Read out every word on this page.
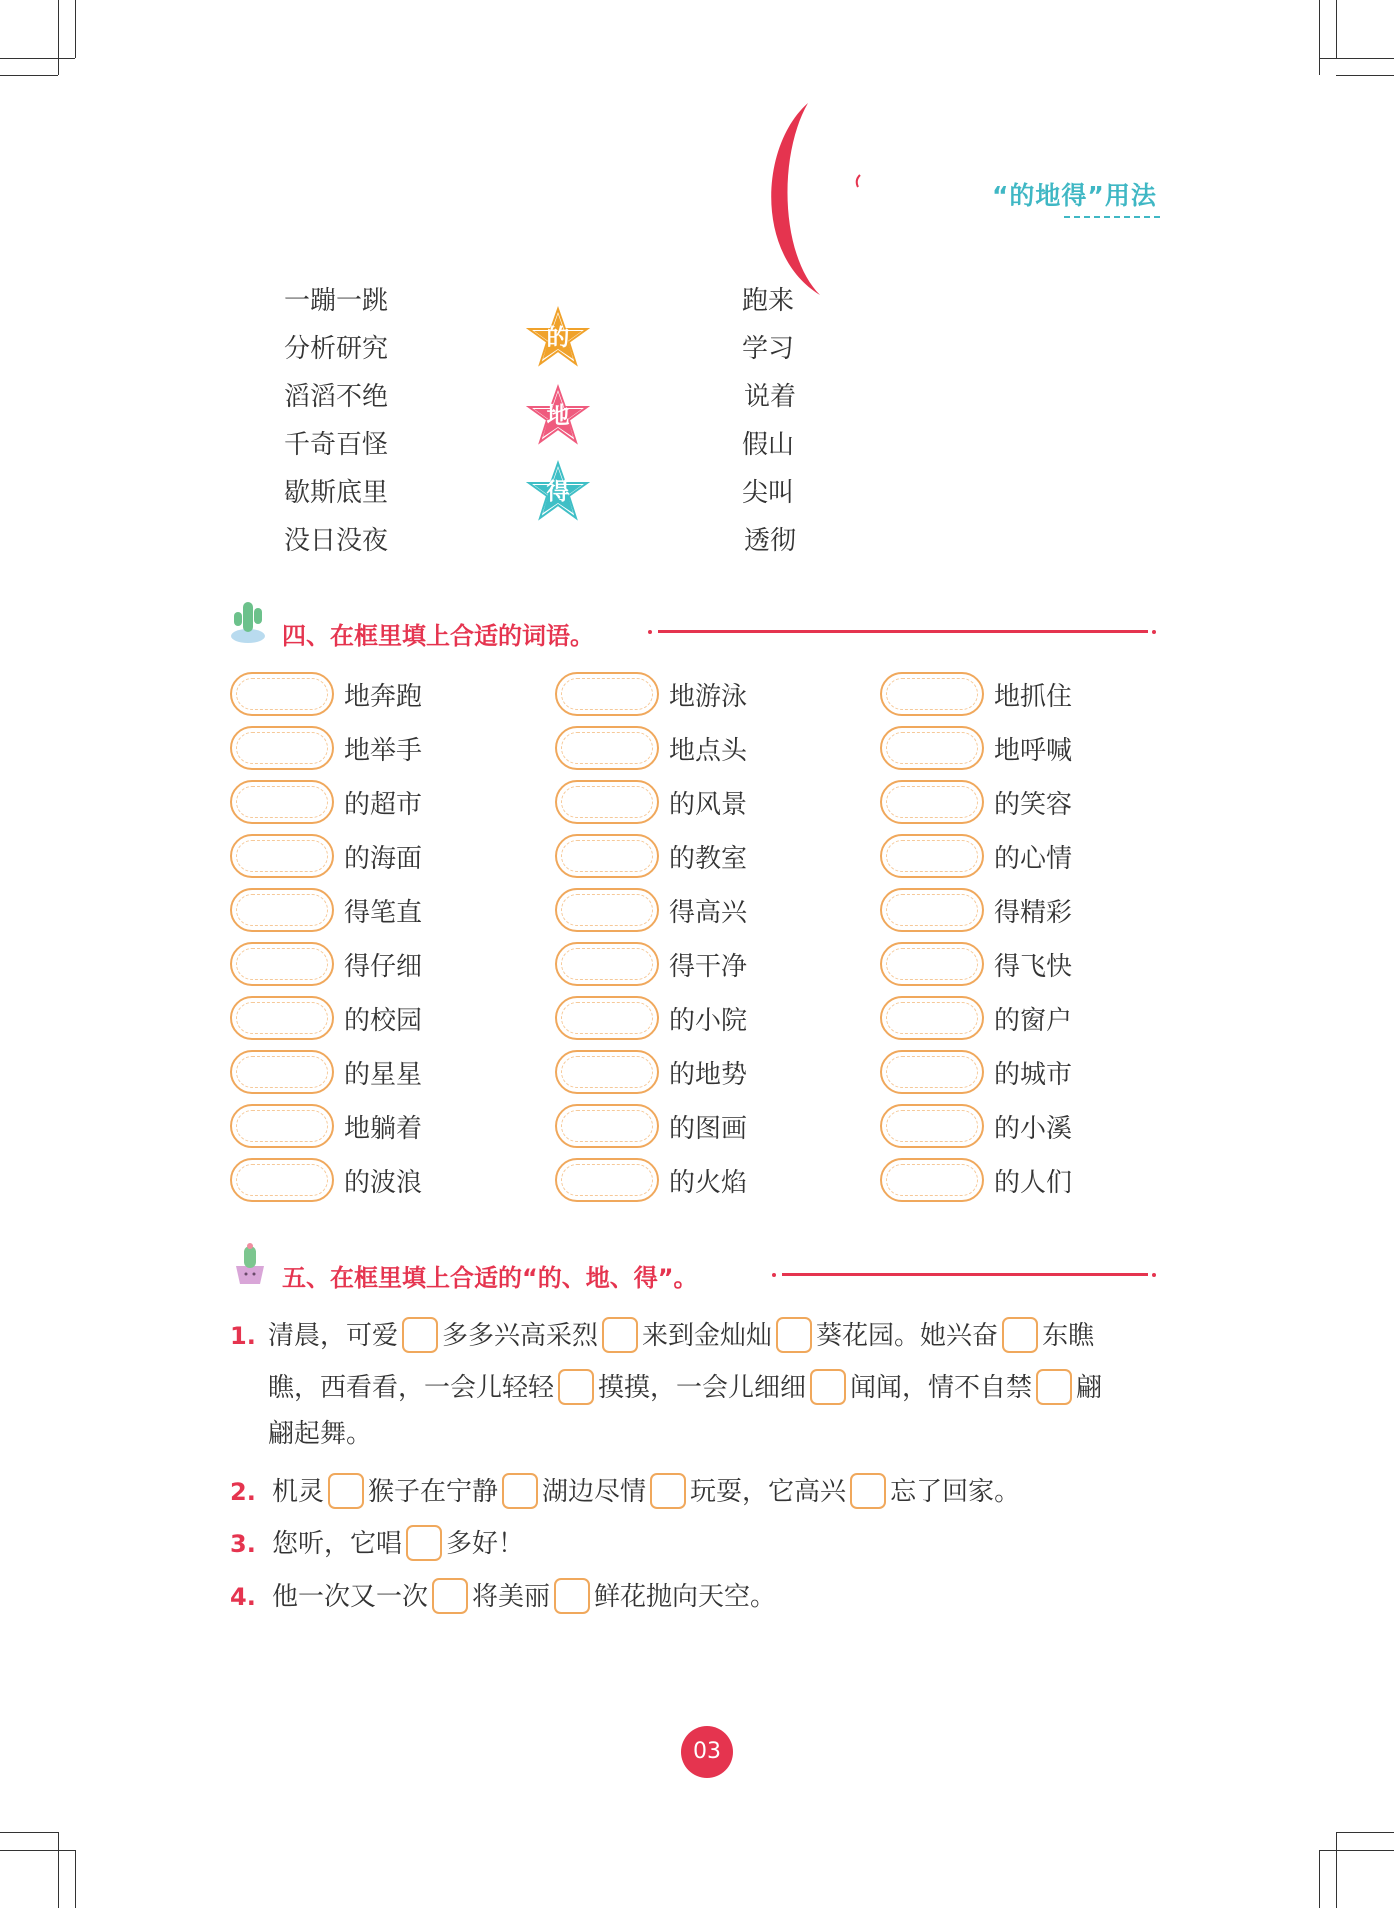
“的地得”用法
一蹦一跳
分析研究
滔滔不绝
千奇百怪
歇斯底里
没日没夜
跑来
学习
说着
假山
尖叫
透彻
的
地
得
四、在框里填上合适的词语。
地奔跑
地举手
的超市
的海面
得笔直
得仔细
的校园
的星星
地躺着
的波浪
地游泳
地点头
的风景
的教室
得高兴
得干净
的小院
的地势
的图画
的火焰
地抓住
地呼喊
的笑容
的心情
得精彩
得飞快
的窗户
的城市
的小溪
的人们
五、在框里填上合适的“的、地、得”。
1. 清晨，可爱 多多兴高采烈 来到金灿灿 葵花园。她兴奋 东瞧
瞧，西看看，一会儿轻轻 摸摸，一会儿细细 闻闻，情不自禁 翩
翩起舞。
2. 机灵 猴子在宁静 湖边尽情 玩耍，它高兴 忘了回家。
3. 您听，它唱 多好！
4. 他一次又一次 将美丽 鲜花抛向天空。
03
